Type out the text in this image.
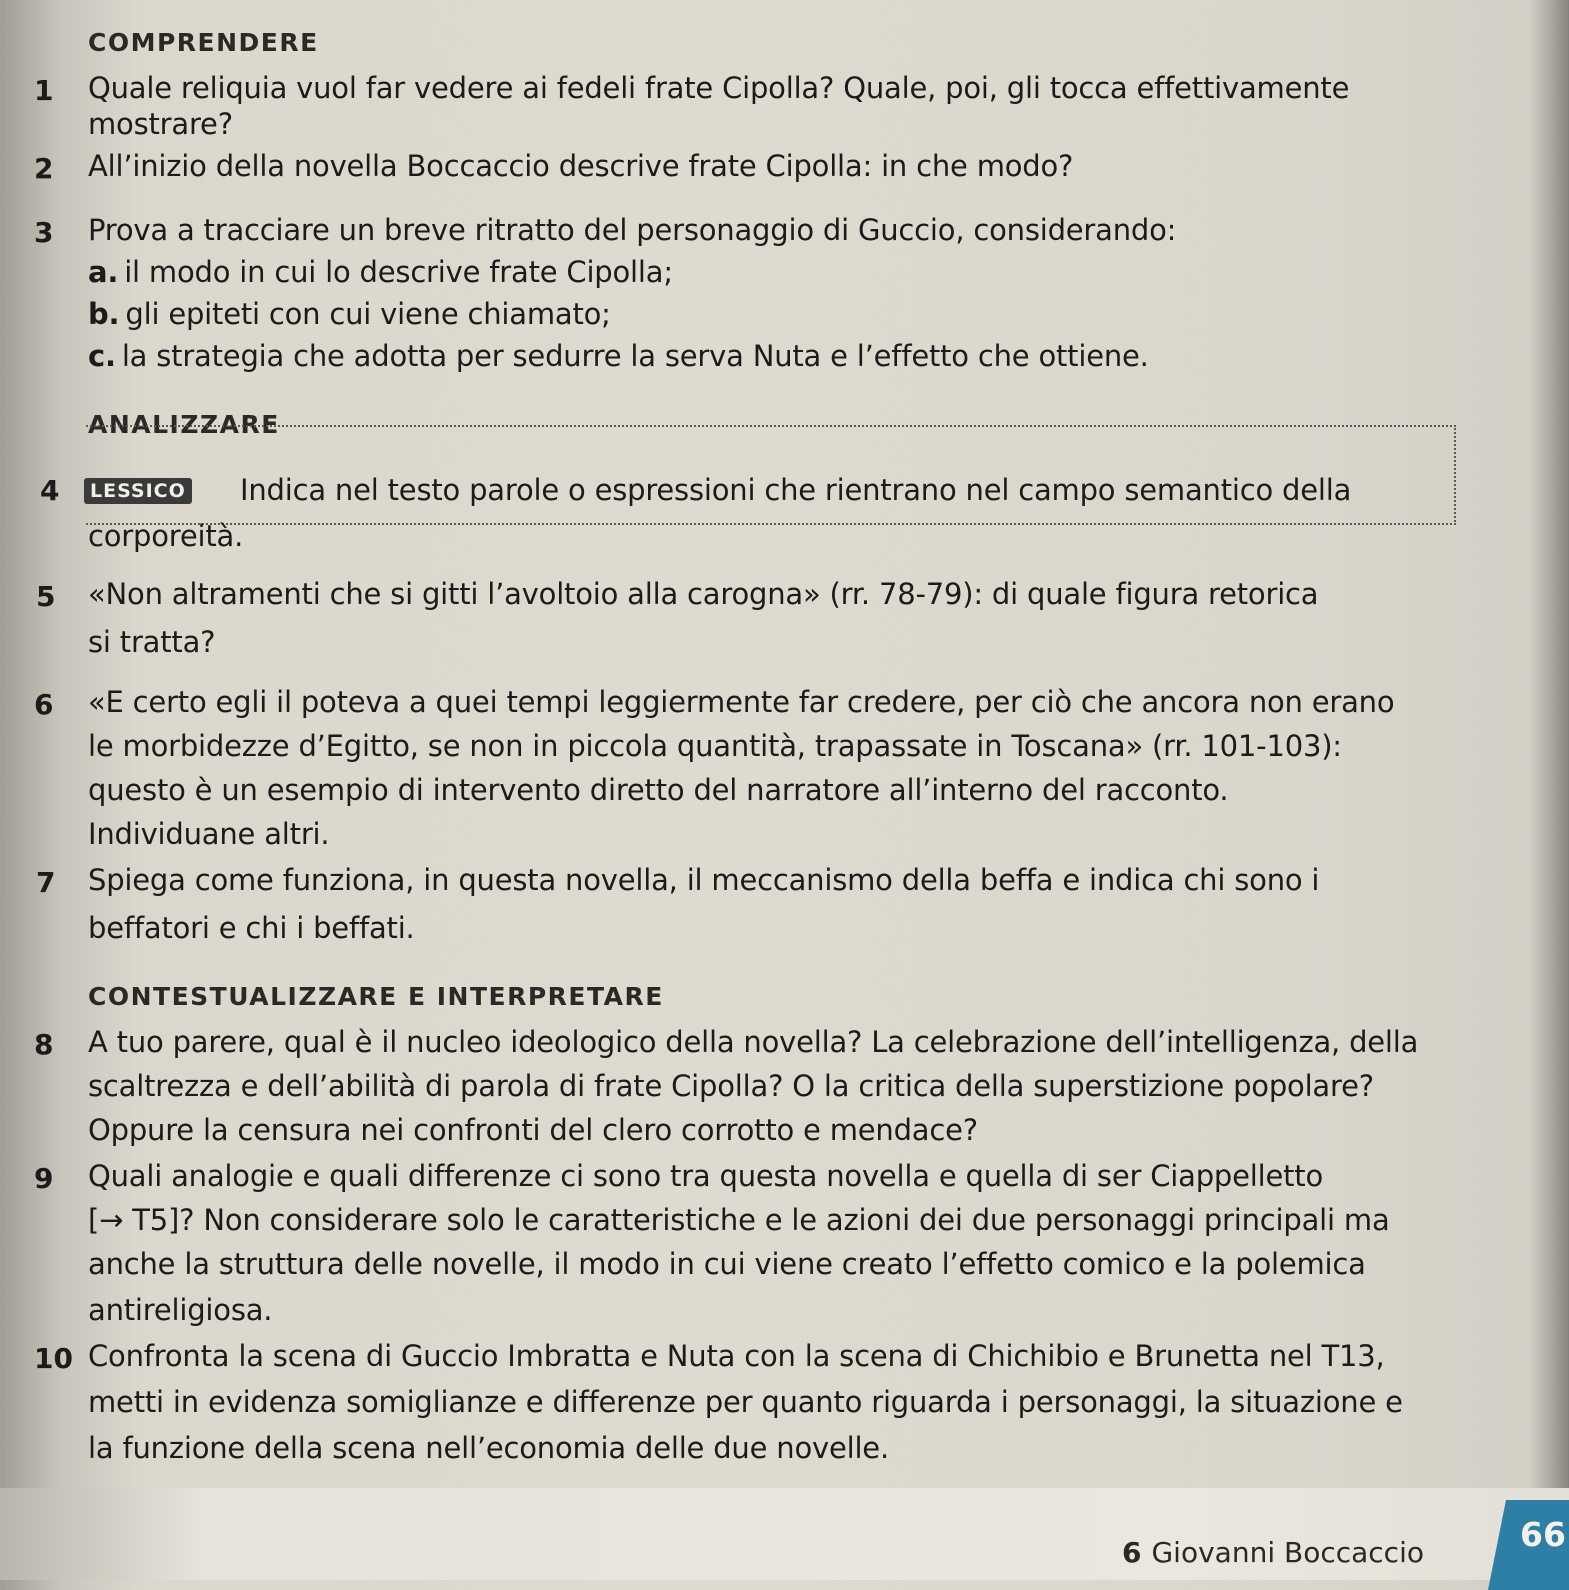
COMPRENDERE
1 Quale reliquia vuol far vedere ai fedeli frate Cipolla? Quale, poi, gli tocca effettivamente
mostrare?
2 All’inizio della novella Boccaccio descrive frate Cipolla: in che modo?
3 Prova a tracciare un breve ritratto del personaggio di Guccio, considerando:
a. il modo in cui lo descrive frate Cipolla;
b. gli epiteti con cui viene chiamato;
c. la strategia che adotta per sedurre la serva Nuta e l’effetto che ottiene.
ANALIZZARE
4	LESSICO Indica nel testo parole o espressioni che rientrano nel campo semantico della
corporeità.
5 «Non altramenti che si gitti l’avoltoio alla carogna» (rr. 78-79): di quale figura retorica
si tratta?
6 «E certo egli il poteva a quei tempi leggiermente far credere, per ciò che ancora non erano
le morbidezze d’Egitto, se non in piccola quantità, trapassate in Toscana» (rr. 101-103):
questo è un esempio di intervento diretto del narratore all’interno del racconto.
Individuane altri.
7 Spiega come funziona, in questa novella, il meccanismo della beffa e indica chi sono i
beffatori e chi i beffati.
CONTESTUALIZZARE E INTERPRETARE
8 A tuo parere, qual è il nucleo ideologico della novella? La celebrazione dell’intelligenza, della
scaltrezza e dell’abilità di parola di frate Cipolla? O la critica della superstizione popolare?
Oppure la censura nei confronti del clero corrotto e mendace?
9 Quali analogie e quali differenze ci sono tra questa novella e quella di ser Ciappelletto
[→ T5]? Non considerare solo le caratteristiche e le azioni dei due personaggi principali ma
anche la struttura delle novelle, il modo in cui viene creato l’effetto comico e la polemica
antireligiosa.
10 Confronta la scena di Guccio Imbratta e Nuta con la scena di Chichibio e Brunetta nel T13,
metti in evidenza somiglianze e differenze per quanto riguarda i personaggi, la situazione e
la funzione della scena nell’economia delle due novelle.
6 Giovanni Boccaccio	66
